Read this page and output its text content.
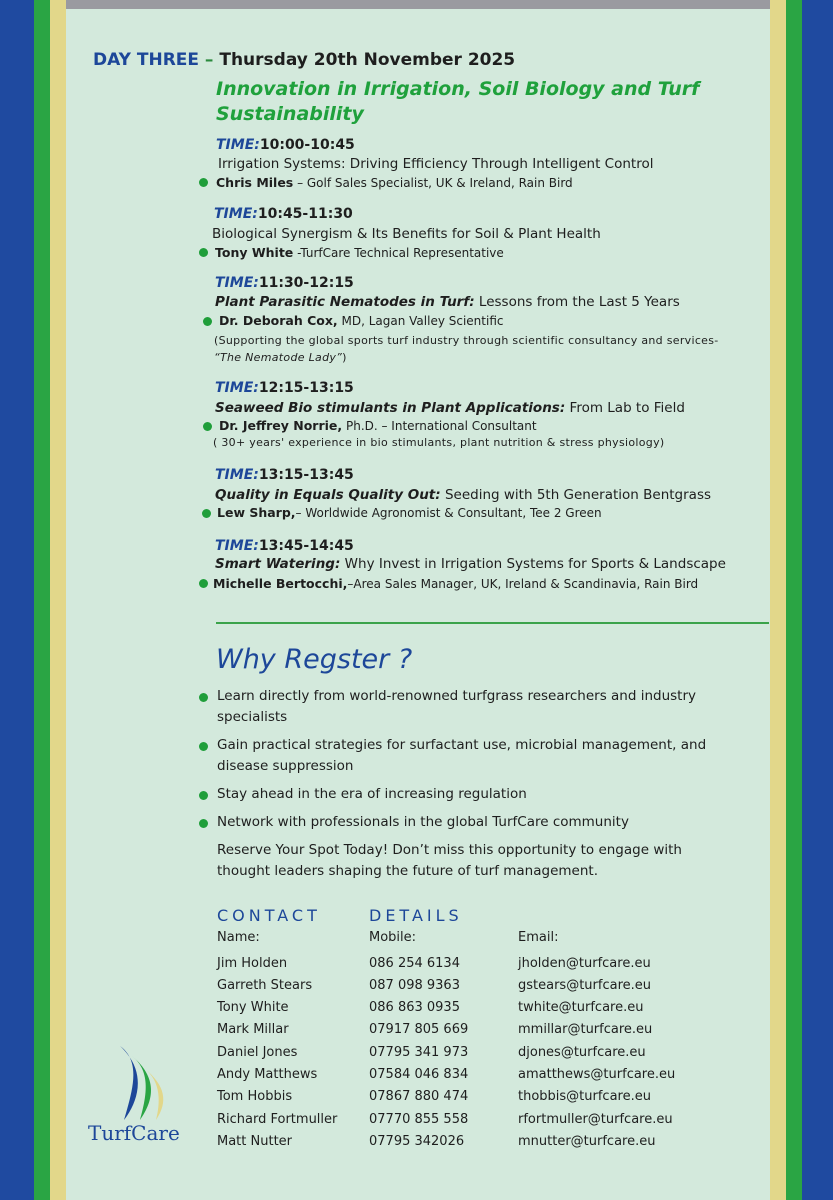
DAY THREE – Thursday 20th November 2025
Innovation in Irrigation, Soil Biology and Turf Sustainability
TIME:10:00-10:45
Irrigation Systems: Driving Efficiency Through Intelligent Control
Chris Miles – Golf Sales Specialist, UK & Ireland, Rain Bird
TIME:10:45-11:30
Biological Synergism & Its Benefits for Soil & Plant Health
Tony White -TurfCare Technical Representative
TIME:11:30-12:15
Plant Parasitic Nematodes in Turf: Lessons from the Last 5 Years
Dr. Deborah Cox, MD, Lagan Valley Scientific
(Supporting the global sports turf industry through scientific consultancy and services- “The Nematode Lady”)
TIME:12:15-13:15
Seaweed Bio stimulants in Plant Applications: From Lab to Field
Dr. Jeffrey Norrie, Ph.D. – International Consultant
( 30+ years' experience in bio stimulants, plant nutrition & stress physiology)
TIME:13:15-13:45
Quality in Equals Quality Out: Seeding with 5th Generation Bentgrass
Lew Sharp,– Worldwide Agronomist & Consultant, Tee 2 Green
TIME:13:45-14:45
Smart Watering: Why Invest in Irrigation Systems for Sports & Landscape
Michelle Bertocchi,–Area Sales Manager, UK, Ireland & Scandinavia, Rain Bird
Why Regster ?
Learn directly from world-renowned turfgrass researchers and industry specialists
Gain practical strategies for surfactant use, microbial management, and disease suppression
Stay ahead in the era of increasing regulation
Network with professionals in the global TurfCare community
Reserve Your Spot Today! Don’t miss this opportunity to engage with thought leaders shaping the future of turf management.
CONTACT	DETAILS
Name:	Mobile:	Email:
Jim Holden	086 254 6134	jholden@turfcare.eu
Garreth Stears	087 098 9363	gstears@turfcare.eu
Tony White	086 863 0935	twhite@turfcare.eu
Mark Millar	07917 805 669	mmillar@turfcare.eu
Daniel Jones	07795 341 973	djones@turfcare.eu
Andy Matthews	07584 046 834	amatthews@turfcare.eu
Tom Hobbis	07867 880 474	thobbis@turfcare.eu
Richard Fortmuller 07770 855 558	rfortmuller@turfcare.eu
Matt Nutter	07795 342026	mnutter@turfcare.eu
TurfCare
